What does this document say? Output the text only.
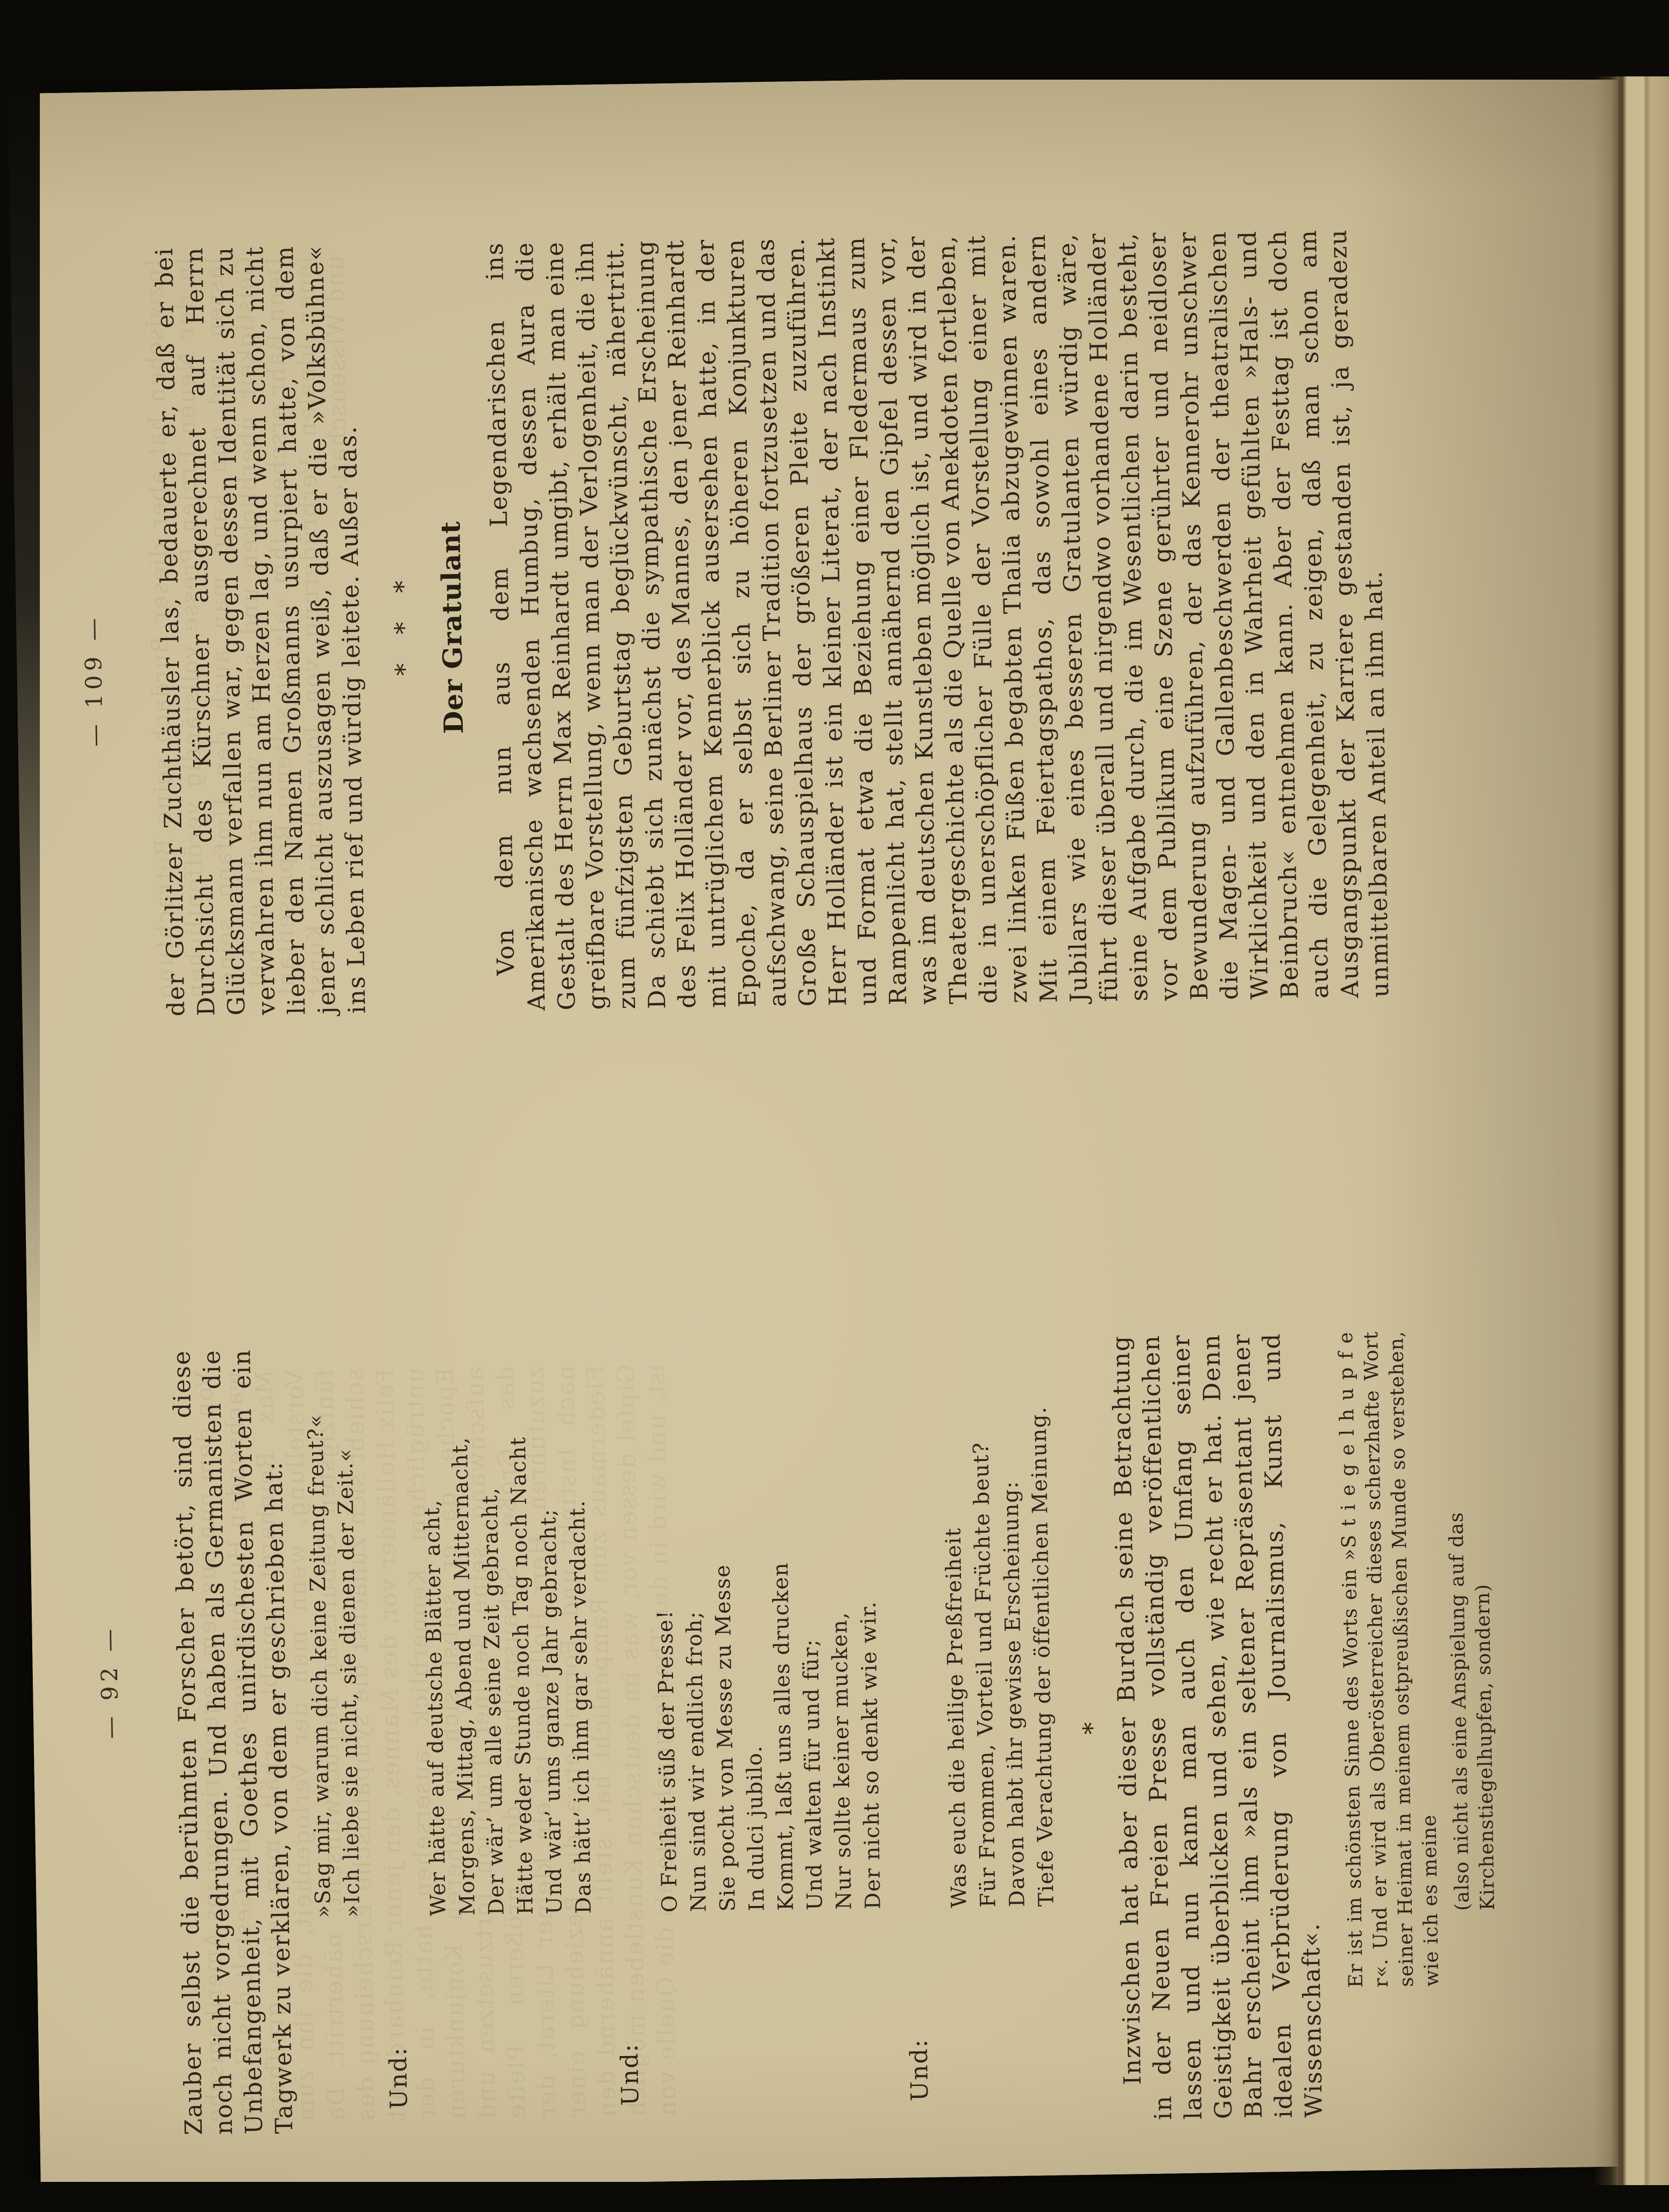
— 92 — Zauber selbst die berühmten Forscher betört, sind diese noch nicht vorgedrungen. Und haben als Germanisten die Unbefangenheit, mit Goethes unirdischesten Worten ein Tagwerk zu verklären, von dem er geschrieben hat: »Sag mir, warum dich keine Zeitung freut?«
»Ich liebe sie nicht, sie dienen der Zeit.«

Und:

Wer hätte auf deutsche Blätter acht,
Morgens, Mittag, Abend und Mitternacht,
Der wär’ um alle seine Zeit gebracht,
Hätte weder Stunde noch Tag noch Nacht
Und wär’ ums ganze Jahr gebracht;
Das hätt’ ich ihm gar sehr verdacht.

Und:

O Freiheit süß der Presse! Nun sind wir endlich froh;
Sie pocht von Messe zu Messe In dulci jubilo.
Kommt, laßt uns alles drucken Und walten für und für; Nur sollte keiner mucken, Der nicht so denkt wie wir.

Und:

Was euch die heilige Preßfreiheit
Für Frommen, Vorteil und Früchte beut?
Davon habt ihr gewisse Erscheinung:
Tiefe Verachtung der öffentlichen Meinung. * Inzwischen hat aber dieser Burdach seine Betrachtung in der Neuen Freien Presse vollständig veröffentlichen lassen und nun kann man auch den Umfang seiner Geistigkeit überblicken und sehen, wie recht er hat. Denn Bahr erscheint ihm »als ein seltener Repräsentant jener idealen Verbrüderung von Journalismus, Kunst und Wissenschaft«.

Er ist im schönsten Sinne des Worts ein »S t i e g e l h u p f e r«. Und er wird als Oberösterreicher dieses scherzhafte Wort seiner Heimat in meinem ostpreußischen Munde so verstehen, wie ich es meine (also nicht als eine Anspielung auf das Kirchenstiegelhupfen, sondern)

— 109 — der Görlitzer Zuchthäusler las, bedauerte er, daß er bei Durchsicht des Kürschner ausgerechnet auf Herrn Glücksmann verfallen war, gegen dessen Identität sich zu verwahren ihm nun am Herzen lag, und wenn schon, nicht lieber den Namen Großmanns usurpiert hatte, von dem jener schlicht auszusagen weiß, daß er die »Volksbühne« ins Leben rief und würdig leitete. Außer das. *** Der Gratulant Von dem nun aus dem Legendarischen ins Amerikanische wachsenden Humbug, dessen Aura die Gestalt des Herrn Max Reinhardt umgibt, erhält man eine greifbare Vorstellung, wenn man der Verlogenheit, die ihn zum fünfzigsten Geburtstag beglückwünscht, nähertritt. Da schiebt sich zunächst die sympathische Erscheinung des Felix Holländer vor, des Mannes, den jener Reinhardt mit untrüglichem Kennerblick ausersehen hatte, in der Epoche, da er selbst sich zu höheren Konjunkturen aufschwang, seine Berliner Tradition fortzusetzen und das Große Schauspielhaus der größeren Pleite zuzuführen. Herr Holländer ist ein kleiner Literat, der nach Instinkt und Format etwa die Beziehung einer Fledermaus zum Rampenlicht hat, stellt annähernd den Gipfel dessen vor, was im deutschen Kunstleben möglich ist, und wird in der Theatergeschichte als die Quelle von Anekdoten fortleben, die in unerschöpflicher Fülle der Vorstellung einer mit zwei linken Füßen begabten Thalia abzugewinnen waren. Mit einem Feiertagspathos, das sowohl eines andern Jubilars wie eines besseren Gratulanten würdig wäre, führt dieser überall und nirgendwo vorhandene Holländer seine Aufgabe durch, die im Wesentlichen darin besteht, vor dem Publikum eine Szene gerührter und neidloser Bewunderung aufzuführen, der das Kennerohr unschwer die Magen- und Gallenbeschwerden der theatralischen Wirklichkeit und den in Wahrheit gefühlten »Hals- und Beinbruch« entnehmen kann. Aber der Festtag ist doch auch die Gelegenheit, zu zeigen, daß man schon am Ausgangspunkt der Karriere gestanden ist, ja geradezu unmittelbaren Anteil an ihm hat.
